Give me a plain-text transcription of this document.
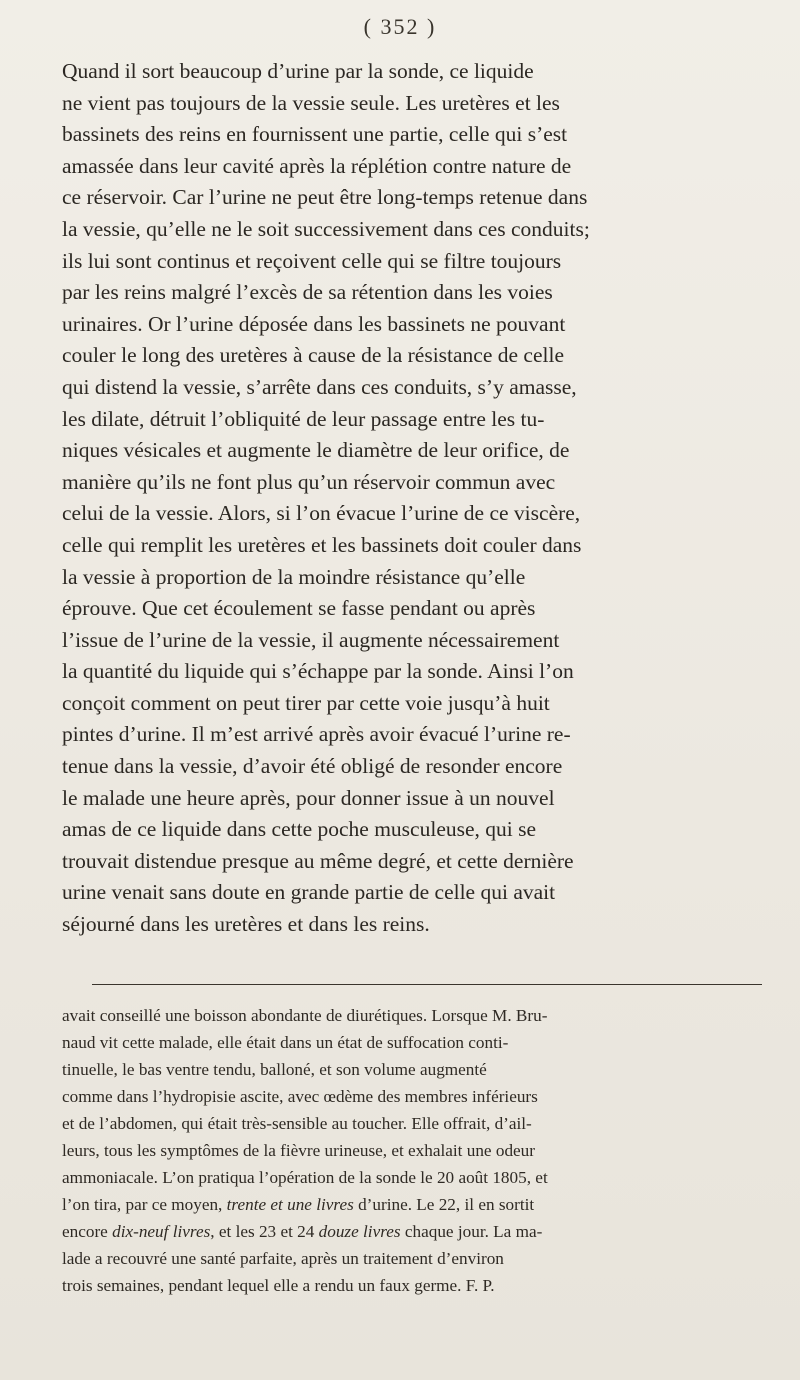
( 352 )

Quand il sort beaucoup d’urine par la sonde, ce liquide

ne vient pas toujours de la vessie seule. Les uretères et les

bassinets des reins en fournissent une partie, celle qui s’est

amassée dans leur cavité après la réplétion contre nature de

ce réservoir. Car l’urine ne peut être long-temps retenue dans

la vessie, qu’elle ne le soit successivement dans ces conduits;

ils lui sont continus et reçoivent celle qui se filtre toujours

par les reins malgré l’excès de sa rétention dans les voies

urinaires. Or l’urine déposée dans les bassinets ne pouvant

couler le long des uretères à cause de la résistance de celle

qui distend la vessie, s’arrête dans ces conduits, s’y amasse,

les dilate, détruit l’obliquité de leur passage entre les tu-

niques vésicales et augmente le diamètre de leur orifice, de

manière qu’ils ne font plus qu’un réservoir commun avec

celui de la vessie. Alors, si l’on évacue l’urine de ce viscère,

celle qui remplit les uretères et les bassinets doit couler dans

la vessie à proportion de la moindre résistance qu’elle

éprouve. Que cet écoulement se fasse pendant ou après

l’issue de l’urine de la vessie, il augmente nécessairement

la quantité du liquide qui s’échappe par la sonde. Ainsi l’on

conçoit comment on peut tirer par cette voie jusqu’à huit

pintes d’urine. Il m’est arrivé après avoir évacué l’urine re-

tenue dans la vessie, d’avoir été obligé de resonder encore

le malade une heure après, pour donner issue à un nouvel

amas de ce liquide dans cette poche musculeuse, qui se

trouvait distendue presque au même degré, et cette dernière

urine venait sans doute en grande partie de celle qui avait

séjourné dans les uretères et dans les reins.

avait conseillé une boisson abondante de diurétiques. Lorsque M. Bru-

naud vit cette malade, elle était dans un état de suffocation conti-

tinuelle, le bas ventre tendu, balloné, et son volume augmenté

comme dans l’hydropisie ascite, avec œdème des membres inférieurs

et de l’abdomen, qui était très-sensible au toucher. Elle offrait, d’ail-

leurs, tous les symptômes de la fièvre urineuse, et exhalait une odeur

ammoniacale. L’on pratiqua l’opération de la sonde le 20 août 1805, et

l’on tira, par ce moyen, trente et une livres d’urine. Le 22, il en sortit

encore dix-neuf livres, et les 23 et 24 douze livres chaque jour. La ma-

lade a recouvré une santé parfaite, après un traitement d’environ

trois semaines, pendant lequel elle a rendu un faux germe. F. P.
